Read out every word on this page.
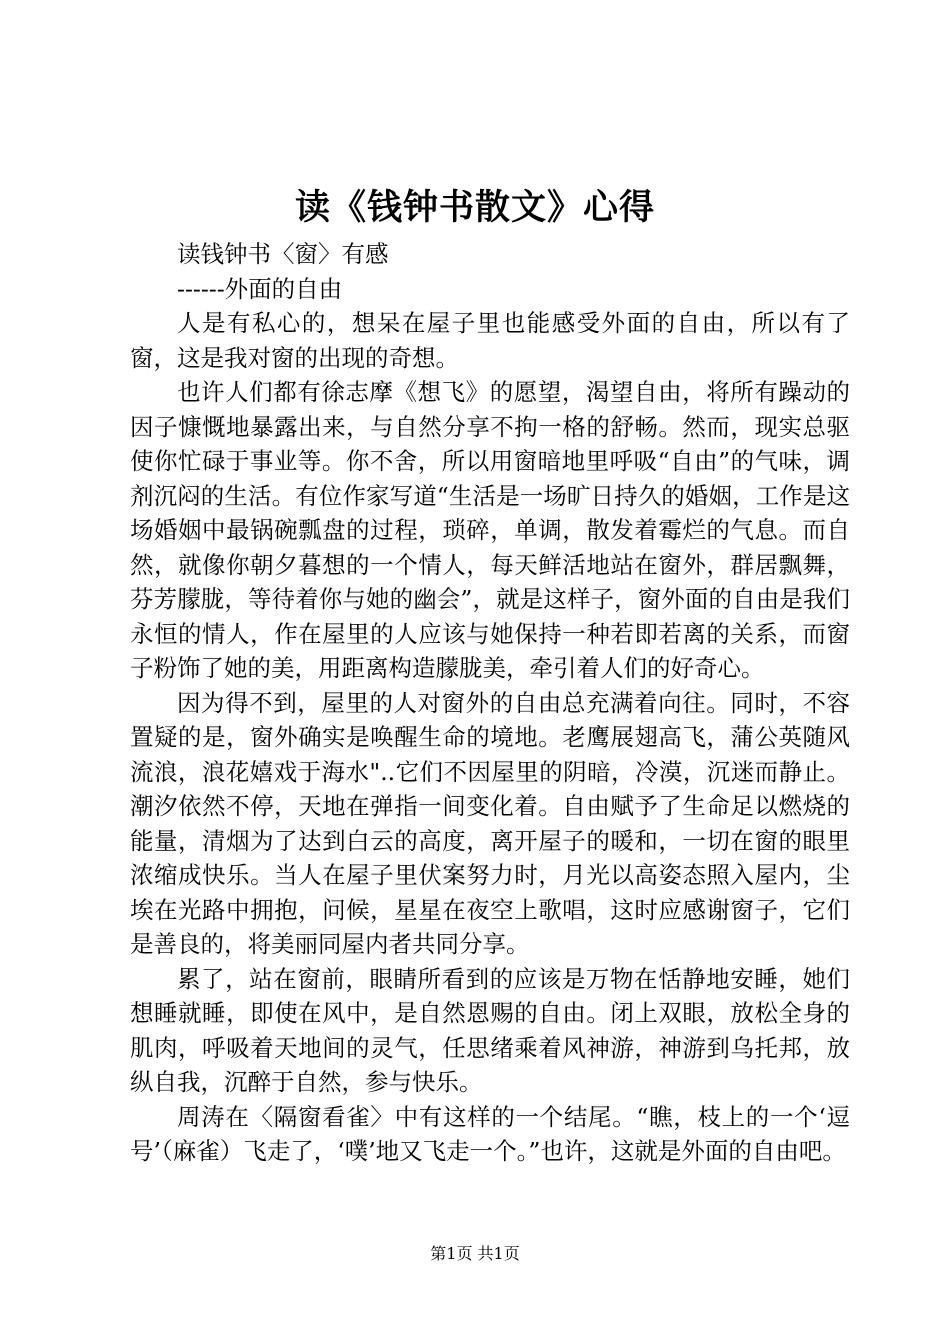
读《钱钟书散文》心得

读钱钟书〈窗〉有感

------外面的自由

人是有私心的，想呆在屋子里也能感受外面的自由，所以有了窗，这是我对窗的出现的奇想。

也许人们都有徐志摩《想飞》的愿望，渴望自由，将所有躁动的因子慷慨地暴露出来，与自然分享不拘一格的舒畅。然而，现实总驱使你忙碌于事业等。你不舍，所以用窗暗地里呼吸“自由”的气味，调剂沉闷的生活。有位作家写道“生活是一场旷日持久的婚姻，工作是这场婚姻中最锅碗瓢盘的过程，琐碎，单调，散发着霉烂的气息。而自然，就像你朝夕暮想的一个情人，每天鲜活地站在窗外，群居飘舞，芬芳朦胧，等待着你与她的幽会”，就是这样子，窗外面的自由是我们永恒的情人，作在屋里的人应该与她保持一种若即若离的关系，而窗子粉饰了她的美，用距离构造朦胧美，牵引着人们的好奇心。

因为得不到，屋里的人对窗外的自由总充满着向往。同时，不容置疑的是，窗外确实是唤醒生命的境地。老鹰展翅高飞，蒲公英随风流浪，浪花嬉戏于海水"..它们不因屋里的阴暗，冷漠，沉迷而静止。潮汐依然不停，天地在弹指一间变化着。自由赋予了生命足以燃烧的能量，清烟为了达到白云的高度，离开屋子的暖和，一切在窗的眼里浓缩成快乐。当人在屋子里伏案努力时，月光以高姿态照入屋内，尘埃在光路中拥抱，问候，星星在夜空上歌唱，这时应感谢窗子，它们是善良的，将美丽同屋内者共同分享。

累了，站在窗前，眼睛所看到的应该是万物在恬静地安睡，她们想睡就睡，即使在风中，是自然恩赐的自由。闭上双眼，放松全身的肌肉，呼吸着天地间的灵气，任思绪乘着风神游，神游到乌托邦，放纵自我，沉醉于自然，参与快乐。

周涛在〈隔窗看雀〉中有这样的一个结尾。“瞧，枝上的一个‘逗号’（麻雀）飞走了，‘噗’地又飞走一个。”也许，这就是外面的自由吧。

第1页 共1页
